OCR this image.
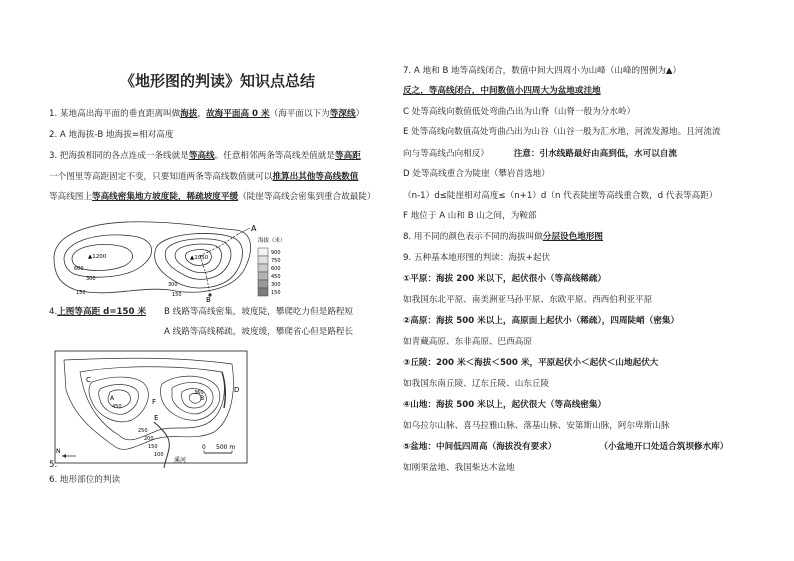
《地形图的判读》知识点总结
1. 某地高出海平面的垂直距离叫做海拔，故海平面高 0 米（海平面以下为等深线）
2. A 地海拔-B 地海拔=相对高度
3. 把海拔相同的各点连成一条线就是等高线。任意相邻两条等高线差值就是等高距
一个图里等高距固定不变，只要知道两条等高线数值就可以推算出其他等高线数值
等高线图上等高线密集地方坡度陡，稀疏坡度平缓（陡崖等高线会密集到重合故最陡）
A
B
▲1200	▲1050
600
300
150
300
150
海拔（米）
900
750
600
450
300
150
4.上图等高距 d=150 米 B 线路等高线密集，坡度陡，攀爬吃力但是路程短
A 线路等高线稀疏，坡度缓，攀爬省心但是路程长
N
0 500 m
C
A
450
F
360
B
D
E
250
200
150
100
溪河
5.
6. 地形部位的判读
7. A 地和 B 地等高线闭合，数值中间大四周小为山峰（山峰的图例为▲）
反之，等高线闭合，中间数值小四周大为盆地或洼地
C 处等高线向数值低处弯曲凸出为山脊（山脊一般为分水岭）
E 处等高线向数值高处弯曲凸出为山谷（山谷一般为汇水地，河流发源地。且河流流
向与等高线凸向相反）	注意：引水线路最好由高到低，水可以自流
D 处等高线重合为陡崖（攀岩首选地）
（n-1）d≤陡崖相对高度≤（n+1）d（n 代表陡崖等高线重合数，d 代表等高距）
F 地位于 A 山和 B 山之间，为鞍部
8. 用不同的颜色表示不同的海拔叫做分层设色地形图
9. 五种基本地形图的判读：海拔+起伏
①平原：海拔 200 米以下，起伏很小（等高线稀疏）
如我国东北平原、南美洲亚马孙平原、东欧平原、西西伯利亚平原
②高原：海拔 500 米以上，高原面上起伏小（稀疏），四周陡峭（密集）
如青藏高原、东非高原、巴西高原
③丘陵：200 米＜海拔＜500 米，平原起伏小＜起伏＜山地起伏大
如我国东南丘陵、辽东丘陵、山东丘陵
④山地：海拔 500 米以上，起伏很大（等高线密集）
如乌拉尔山脉、喜马拉雅山脉、落基山脉、安第斯山脉，阿尔卑斯山脉
⑤盆地：中间低四周高（海拔没有要求）	（小盆地开口处适合筑坝修水库）
如刚果盆地、我国柴达木盆地
